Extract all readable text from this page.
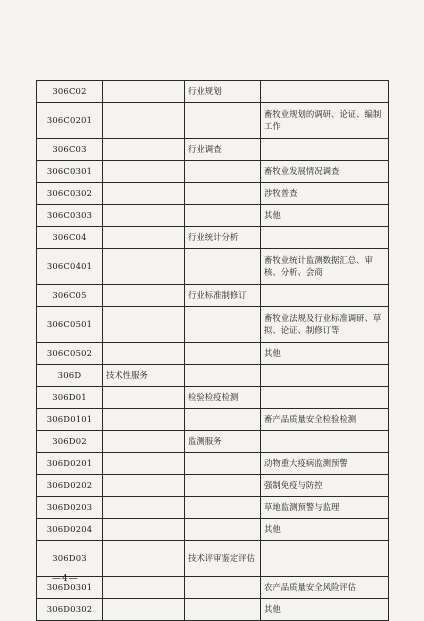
306C02		行业规划	
306C0201			畜牧业规划的调研、论证、编制工作
306C03		行业调查	
306C0301			畜牧业发展情况调查
306C0302			涉牧普查
306C0303			其他
306C04		行业统计分析	
306C0401			畜牧业统计监测数据汇总、审核、分析、会商
306C05		行业标准制修订	
306C0501			畜牧业法规及行业标准调研、草拟、论证、制修订等
306C0502			其他
306D	技术性服务		
306D01		检验检疫检测	
306D0101			畜产品质量安全检验检测
306D02		监测服务	
306D0201			动物重大疫病监测预警
306D0202			强制免疫与防控
306D0203			草地监测预警与监理
306D0204			其他
306D03		技术评审鉴定评估	
306D0301			农产品质量安全风险评估
306D0302			其他
—4—
